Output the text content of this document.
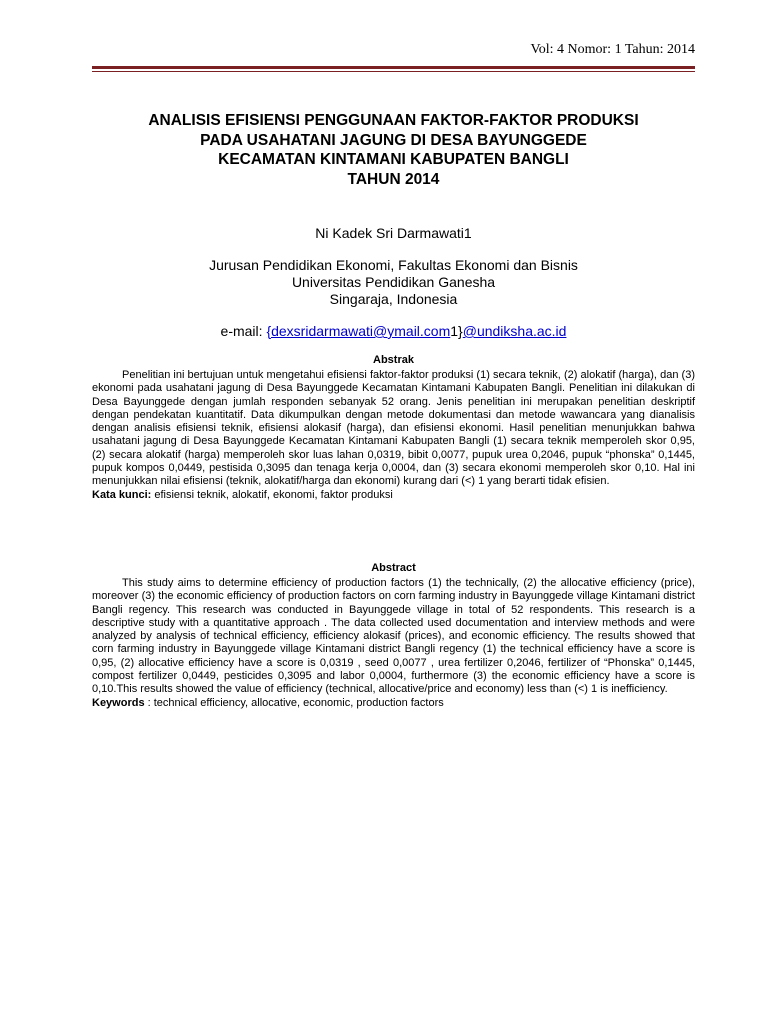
Vol: 4 Nomor: 1 Tahun: 2014
ANALISIS EFISIENSI PENGGUNAAN FAKTOR-FAKTOR PRODUKSI
PADA USAHATANI JAGUNG DI DESA BAYUNGGEDE
KECAMATAN KINTAMANI KABUPATEN BANGLI
TAHUN 2014
Ni Kadek Sri Darmawati1
Jurusan Pendidikan Ekonomi, Fakultas Ekonomi dan Bisnis
Universitas Pendidikan Ganesha
Singaraja, Indonesia
e-mail: {dexsridarmawati@ymail.com1}@undiksha.ac.id
Abstrak

Penelitian ini bertujuan untuk mengetahui efisiensi faktor-faktor produksi (1) secara teknik, (2) alokatif (harga), dan (3) ekonomi pada usahatani jagung di Desa Bayunggede Kecamatan Kintamani Kabupaten Bangli. Penelitian ini dilakukan di Desa Bayunggede dengan jumlah responden sebanyak 52 orang. Jenis penelitian ini merupakan penelitian deskriptif dengan pendekatan kuantitatif. Data dikumpulkan dengan metode dokumentasi dan metode wawancara yang dianalisis dengan analisis efisiensi teknik, efisiensi alokasif (harga), dan efisiensi ekonomi. Hasil penelitian menunjukkan bahwa usahatani jagung di Desa Bayunggede Kecamatan Kintamani Kabupaten Bangli (1) secara teknik memperoleh skor 0,95, (2) secara alokatif (harga) memperoleh skor luas lahan 0,0319, bibit 0,0077, pupuk urea 0,2046, pupuk “phonska” 0,1445, pupuk kompos 0,0449, pestisida 0,3095 dan tenaga kerja 0,0004, dan (3) secara ekonomi memperoleh skor 0,10. Hal ini menunjukkan nilai efisiensi (teknik, alokatif/harga dan ekonomi) kurang dari (<) 1 yang berarti tidak efisien.

Kata kunci: efisiensi teknik, alokatif, ekonomi, faktor produksi

Abstract

This study aims to determine efficiency of production factors (1) the technically, (2) the allocative efficiency (price), moreover (3) the economic efficiency of production factors on corn farming industry in Bayunggede village Kintamani district Bangli regency. This research was conducted in Bayunggede village in total of 52 respondents. This research is a descriptive study with a quantitative approach . The data collected used documentation and interview methods and were analyzed by analysis of technical efficiency, efficiency alokasif (prices), and economic efficiency. The results showed that corn farming industry in Bayunggede village Kintamani district Bangli regency (1) the technical efficiency have a score is 0,95, (2) allocative efficiency have a score is 0,0319 , seed 0,0077 , urea fertilizer 0,2046, fertilizer of “Phonska” 0,1445, compost fertilizer 0,0449, pesticides 0,3095 and labor 0,0004, furthermore (3) the economic efficiency have a score is 0,10.This results showed the value of efficiency (technical, allocative/price and economy) less than (<) 1 is inefficiency.

Keywords : technical efficiency, allocative, economic, production factors
